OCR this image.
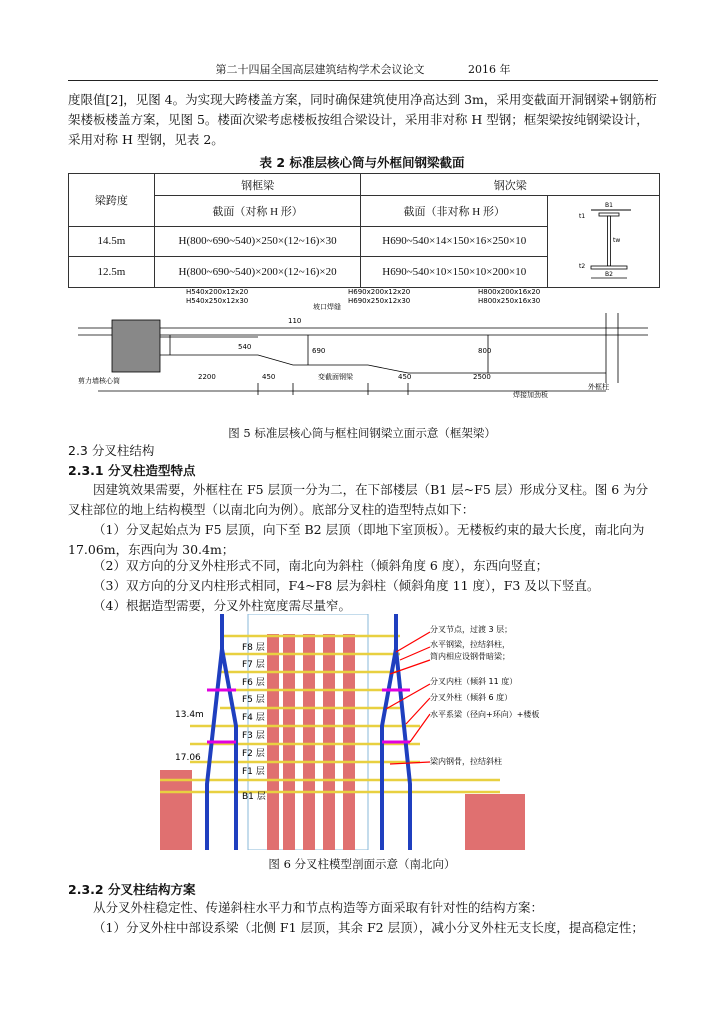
第二十四届全国高层建筑结构学术会议论文	2016 年
度限值[2]，见图 4。为实现大跨楼盖方案，同时确保建筑使用净高达到 3m，采用变截面开洞钢梁+钢筋桁架楼板楼盖方案，见图 5。楼面次梁考虑楼板按组合梁设计，采用非对称 H 型钢；框架梁按纯钢梁设计，采用对称 H 型钢，见表 2。
表 2 标准层核心筒与外框间钢梁截面
梁跨度	钢框梁	钢次梁	
	截面（对称 H 形）	截面（非对称 H 形）	B1
B2
t1
tw
t2

14.5m	H(800~690~540)×250×(12~16)×30	H690~540×14×150×16×250×10	
12.5m	H(800~690~540)×200×(12~16)×20	H690~540×10×150×10×200×10	
H540x200x12x20
H540x250x12x30
H690x200x12x20
H690x250x12x30
H800x200x16x20
H800x250x16x30
坡口焊缝
110
540	690	800
2200	450	450	2500
剪力墙核心筒	变截面钢梁
焊接加劲板
外框柱
图 5 标准层核心筒与框柱间钢梁立面示意（框架梁）
2.3 分叉柱结构
2.3.1 分叉柱造型特点
因建筑效果需要，外框柱在 F5 层顶一分为二，在下部楼层（B1 层~F5 层）形成分叉柱。图 6 为分叉柱部位的地上结构模型（以南北向为例）。底部分叉柱的造型特点如下：
（1）分叉起始点为 F5 层顶，向下至 B2 层顶（即地下室顶板）。无楼板约束的最大长度，南北向为 17.06m，东西向为 30.4m；
（2）双方向的分叉外柱形式不同，南北向为斜柱（倾斜角度 6 度），东西向竖直；
（3）双方向的分叉内柱形式相同，F4~F8 层为斜柱（倾斜角度 11 度），F3 及以下竖直。
（4）根据造型需要，分叉外柱宽度需尽量窄。
F8 层
F7 层
F6 层
F5 层
F4 层
F3 层
F2 层
F1 层
B1 层
13.4m
17.06
分叉节点，过渡 3 层；
水平钢梁，拉结斜柱，
筒内相应设钢骨暗梁；
分叉内柱（倾斜 11 度）
分叉外柱（倾斜 6 度）
水平系梁（径向+环向）+楼板
梁内钢骨，拉结斜柱
图 6 分叉柱模型剖面示意（南北向）
2.3.2 分叉柱结构方案
从分叉外柱稳定性、传递斜柱水平力和节点构造等方面采取有针对性的结构方案：
（1）分叉外柱中部设系梁（北侧 F1 层顶，其余 F2 层顶），减小分叉外柱无支长度，提高稳定性；
